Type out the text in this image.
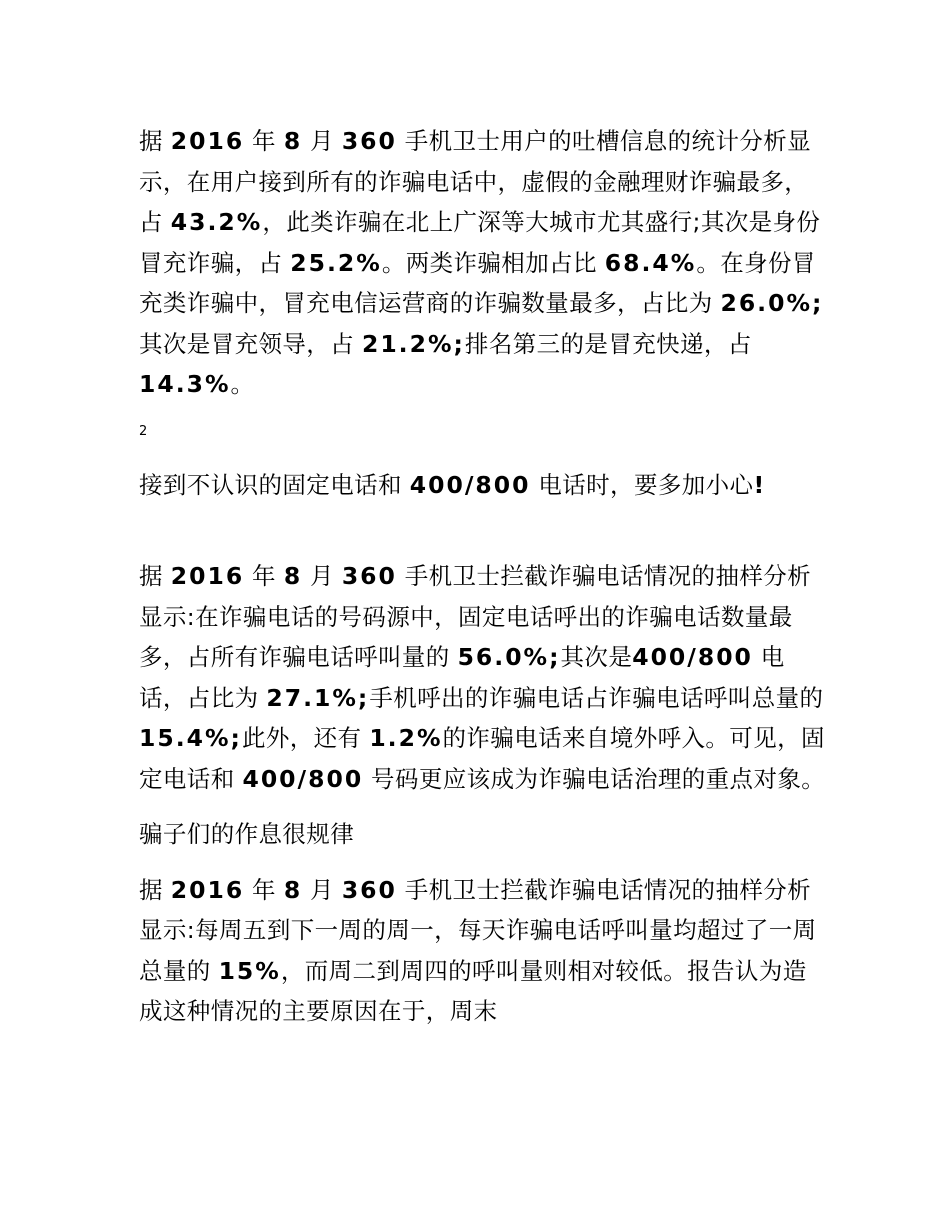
据 2016 年 8 月 360 手机卫士用户的吐槽信息的统计分析显示，在用户接到所有的诈骗电话中，虚假的金融理财诈骗最多，占 43.2%，此类诈骗在北上广深等大城市尤其盛行;其次是身份冒充诈骗，占 25.2%。两类诈骗相加占比 68.4%。在身份冒充类诈骗中，冒充电信运营商的诈骗数量最多，占比为 26.0%;其次是冒充领导，占 21.2%;排名第三的是冒充快递，占 14.3%。

2

接到不认识的固定电话和 400/800 电话时，要多加小心!

据 2016 年 8 月 360 手机卫士拦截诈骗电话情况的抽样分析显示:在诈骗电话的号码源中，固定电话呼出的诈骗电话数量最多，占所有诈骗电话呼叫量的 56.0%;其次是400/800 电话，占比为 27.1%;手机呼出的诈骗电话占诈骗电话呼叫总量的 15.4%;此外，还有 1.2%的诈骗电话来自境外呼入。可见，固定电话和 400/800 号码更应该成为诈骗电话治理的重点对象。

骗子们的作息很规律

据 2016 年 8 月 360 手机卫士拦截诈骗电话情况的抽样分析显示:每周五到下一周的周一，每天诈骗电话呼叫量均超过了一周总量的 15%，而周二到周四的呼叫量则相对较低。报告认为造成这种情况的主要原因在于，周末
